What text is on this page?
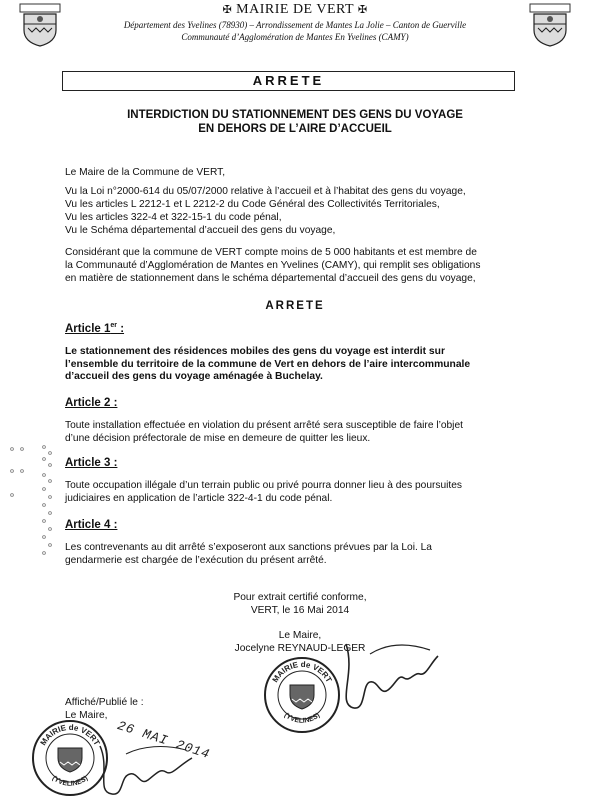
✠ MAIRIE DE VERT ✠
Département des Yvelines (78930) – Arrondissement de Mantes La Jolie – Canton de Guerville
Communauté d’Agglomération de Mantes En Yvelines (CAMY)
ARRETE
INTERDICTION DU STATIONNEMENT DES GENS DU VOYAGE
EN DEHORS DE L’AIRE D’ACCUEIL
Le Maire de la Commune de VERT,
Vu la Loi n°2000-614 du 05/07/2000 relative à l’accueil et à l’habitat des gens du voyage,
Vu les articles L 2212-1 et L 2212-2 du Code Général des Collectivités Territoriales,
Vu les articles 322-4 et 322-15-1 du code pénal,
Vu le Schéma départemental d’accueil des gens du voyage,
Considérant que la commune de VERT compte moins de 5 000 habitants et est membre de
la Communauté d’Agglomération de Mantes en Yvelines (CAMY), qui remplit ses obligations
en matière de stationnement dans le schéma départemental d’accueil des gens du voyage,
ARRETE
Article 1er :
Le stationnement des résidences mobiles des gens du voyage est interdit sur
l’ensemble du territoire de la commune de Vert en dehors de l’aire intercommunale
d’accueil des gens du voyage aménagée à Buchelay.
Article 2 :
Toute installation effectuée en violation du présent arrêté sera susceptible de faire l’objet
d’une décision préfectorale de mise en demeure de quitter les lieux.
Article 3 :
Toute occupation illégale d’un terrain public ou privé pourra donner lieu à des poursuites
judiciaires en application de l’article 322-4-1 du code pénal.
Article 4 :
Les contrevenants au dit arrêté s’exposeront aux sanctions prévues par la Loi. La
gendarmerie est chargée de l’exécution du présent arrêté.
Pour extrait certifié conforme,
VERT, le 16 Mai 2014
Le Maire,
Jocelyne REYNAUD-LEGER
MAIRIE de VERT
(YVELINES)
Affiché/Publié le :
Le Maire,
26 MAI 2014
MAIRIE de VERT
(YVELINES)
